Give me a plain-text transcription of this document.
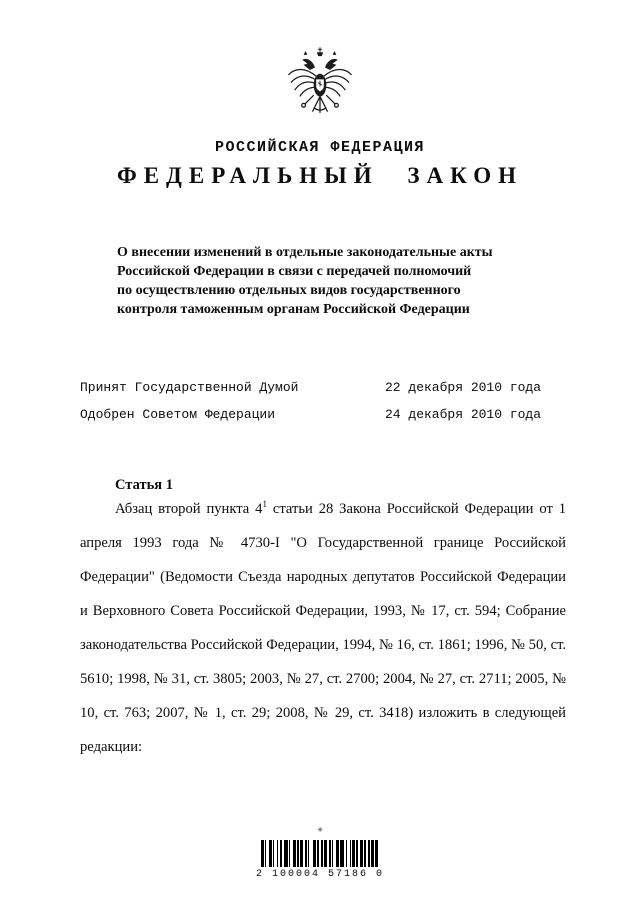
РОССИЙСКАЯ ФЕДЕРАЦИЯ
ФЕДЕРАЛЬНЫЙ ЗАКОН
О внесении изменений в отдельные законодательные акты
Российской Федерации в связи с передачей полномочий
по осуществлению отдельных видов государственного
контроля таможенным органам Российской Федерации
Принят Государственной Думой	22 декабря 2010 года
Одобрен Советом Федерации	24 декабря 2010 года
Статья 1

Абзац второй пункта $4^1$ статьи 28 Закона Российской Федерации от 1 апреля 1993 года № 4730-I "О Государственной границе Российской Федерации" (Ведомости Съезда народных депутатов Российской Федерации и Верховного Совета Российской Федерации, 1993, № 17, ст. 594; Собрание законодательства Российской Федерации, 1994, № 16, ст. 1861; 1996, № 50, ст. 5610; 1998, № 31, ст. 3805; 2003, № 27, ст. 2700; 2004, № 27, ст. 2711; 2005, № 10, ст. 763; 2007, № 1, ст. 29; 2008, № 29, ст. 3418) изложить в следующей редакции:

✳
2 100004 57186 0
